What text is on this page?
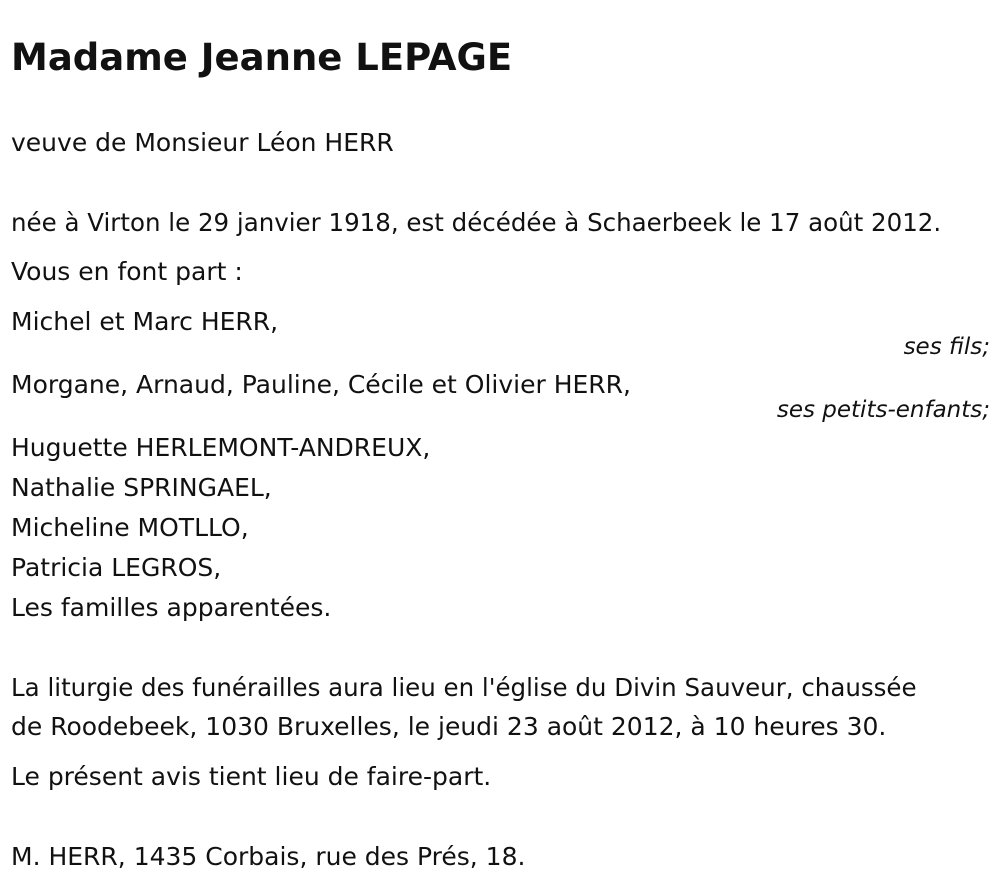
Madame Jeanne LEPAGE
veuve de Monsieur Léon HERR
née à Virton le 29 janvier 1918, est décédée à Schaerbeek le 17 août 2012.
Vous en font part :
Michel et Marc HERR,
ses fils;
Morgane, Arnaud, Pauline, Cécile et Olivier HERR,
ses petits-enfants;
Huguette HERLEMONT-ANDREUX,
Nathalie SPRINGAEL,
Micheline MOTLLO,
Patricia LEGROS,
Les familles apparentées.
La liturgie des funérailles aura lieu en l'église du Divin Sauveur, chaussée
de Roodebeek, 1030 Bruxelles, le jeudi 23 août 2012, à 10 heures 30.
Le présent avis tient lieu de faire-part.
M. HERR, 1435 Corbais, rue des Prés, 18.
